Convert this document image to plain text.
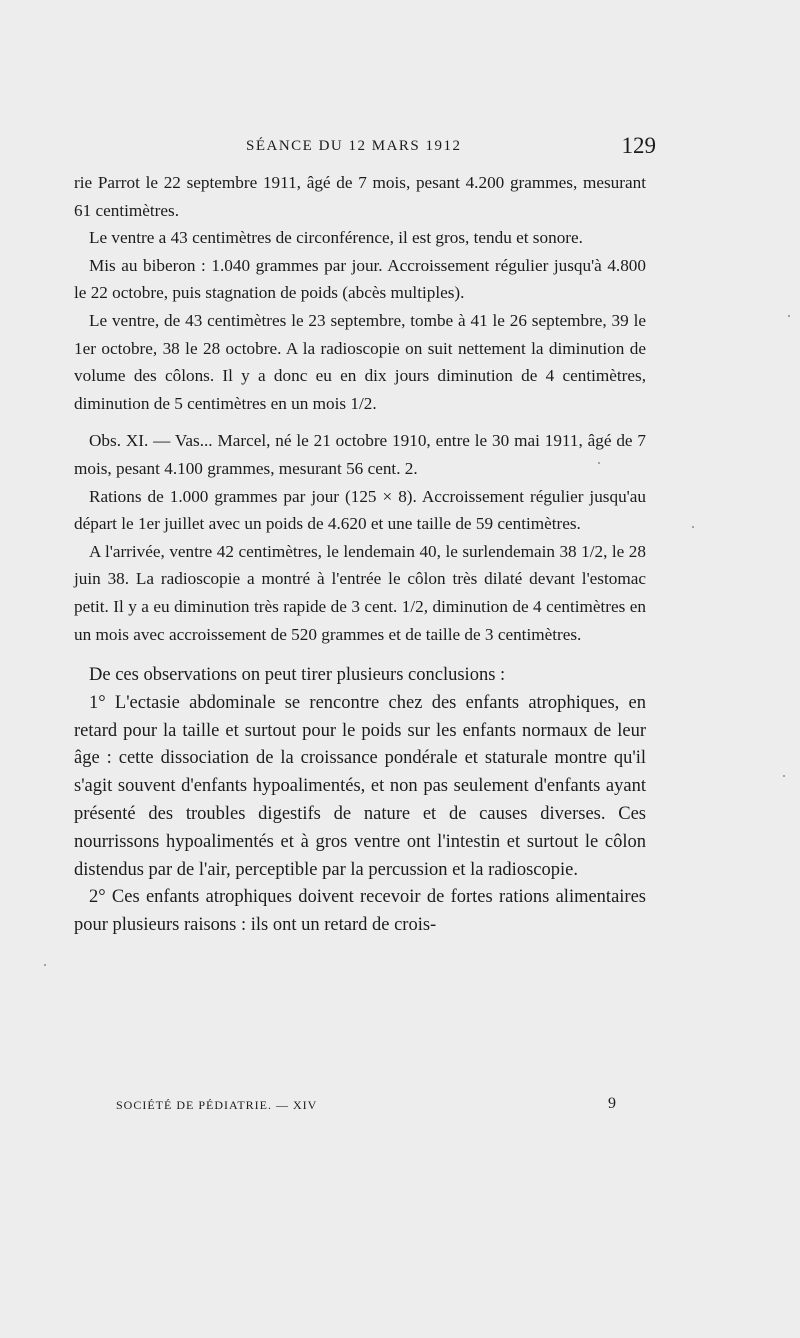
SÉANCE DU 12 MARS 1912	129

rie Parrot le 22 septembre 1911, âgé de 7 mois, pesant 4.200 grammes, mesurant 61 centimètres.

Le ventre a 43 centimètres de circonférence, il est gros, tendu et sonore.

Mis au biberon : 1.040 grammes par jour. Accroissement régulier jusqu'à 4.800 le 22 octobre, puis stagnation de poids (abcès multiples).

Le ventre, de 43 centimètres le 23 septembre, tombe à 41 le 26 septembre, 39 le 1er octobre, 38 le 28 octobre. A la radioscopie on suit nettement la diminution de volume des côlons. Il y a donc eu en dix jours diminution de 4 centimètres, diminution de 5 centimètres en un mois 1/2.

Obs. XI. — Vas... Marcel, né le 21 octobre 1910, entre le 30 mai 1911, âgé de 7 mois, pesant 4.100 grammes, mesurant 56 cent. 2.

Rations de 1.000 grammes par jour (125 × 8). Accroissement régulier jusqu'au départ le 1er juillet avec un poids de 4.620 et une taille de 59 centimètres.

A l'arrivée, ventre 42 centimètres, le lendemain 40, le surlendemain 38 1/2, le 28 juin 38. La radioscopie a montré à l'entrée le côlon très dilaté devant l'estomac petit. Il y a eu diminution très rapide de 3 cent. 1/2, diminution de 4 centimètres en un mois avec accroissement de 520 grammes et de taille de 3 centimètres.

De ces observations on peut tirer plusieurs conclusions :

1° L'ectasie abdominale se rencontre chez des enfants atrophiques, en retard pour la taille et surtout pour le poids sur les enfants normaux de leur âge : cette dissociation de la croissance pondérale et staturale montre qu'il s'agit souvent d'enfants hypoalimentés, et non pas seulement d'enfants ayant présenté des troubles digestifs de nature et de causes diverses. Ces nourrissons hypoalimentés et à gros ventre ont l'intestin et surtout le côlon distendus par de l'air, perceptible par la percussion et la radioscopie.

2° Ces enfants atrophiques doivent recevoir de fortes rations alimentaires pour plusieurs raisons : ils ont un retard de crois-

SOCIÉTÉ DE PÉDIATRIE. — XIV	9
